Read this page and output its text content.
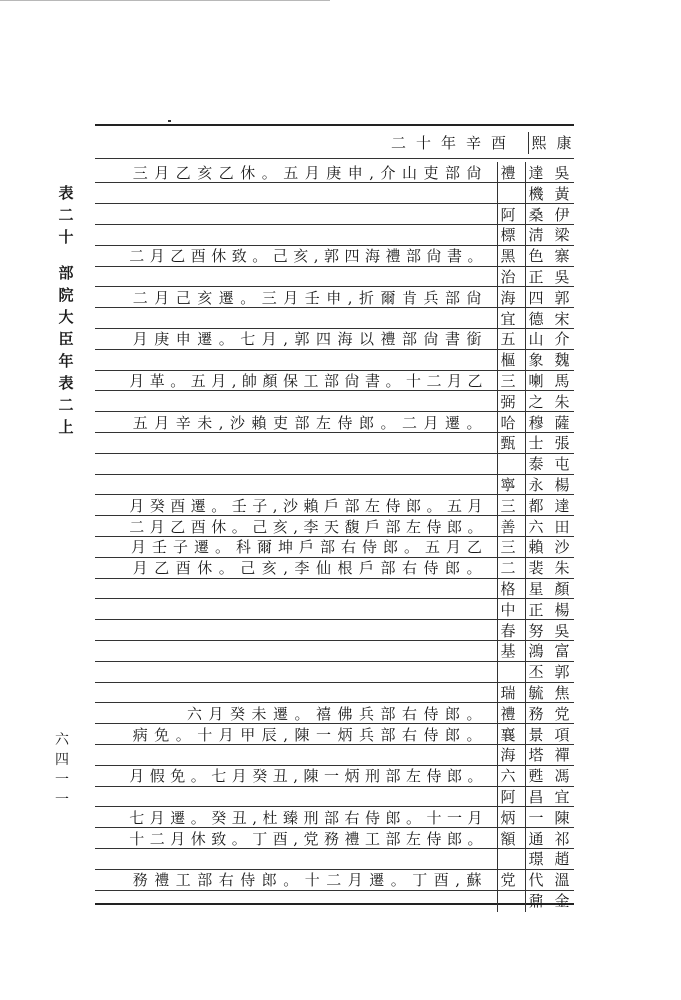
表
二
十
部
院
大
臣
年
表
二
上
康
熙
二十年辛酉
吳
達
禮
三月乙亥乙休。五月庚申,介山吏部尙
黃
機
伊
桑
阿
梁
淸
標
寨
色
黑
二月乙酉休致。己亥,郭四海禮部尙書。
吳
正
治
郭
四
海
二月己亥遷。三月壬申,折爾肯兵部尙
宋
德
宜
介
山
五
月庚申遷。七月,郭四海以禮部尙書銜
魏
象
樞
馬
喇
三
月革。五月,帥顏保工部尙書。十二月乙
朱
之
弼
薩
穆
哈
五月辛未,沙賴吏部左侍郎。二月遷。
張
士
甄
屯
泰
楊
永
寧
達
都
三
月癸酉遷。壬子,沙賴戶部左侍郎。五月
田
六
善
二月乙酉休。己亥,李天馥戶部左侍郎。
沙
賴
三
月壬子遷。科爾坤戶部右侍郎。五月乙
朱
裴
二
月乙酉休。己亥,李仙根戶部右侍郎。
顏
星
格
楊
正
中
吳
努
春
富
鴻
基
郭
丕
焦
毓
瑞
党
務
禮
六月癸未遷。禧佛兵部右侍郎。
項
景
襄
病免。十月甲辰,陳一炳兵部右侍郎。
禪
塔
海
馮
甦
六
月假免。七月癸丑,陳一炳刑部左侍郎。
宜
昌
阿
陳
一
炳
七月遷。癸丑,杜臻刑部右侍郎。十一月
祁
通
額
十二月休致。丁酉,党務禮工部左侍郎。
趙
璟
溫
代
党
務禮工部右侍郎。十二月遷。丁酉,蘇
金
鼐
六
四
一
一
